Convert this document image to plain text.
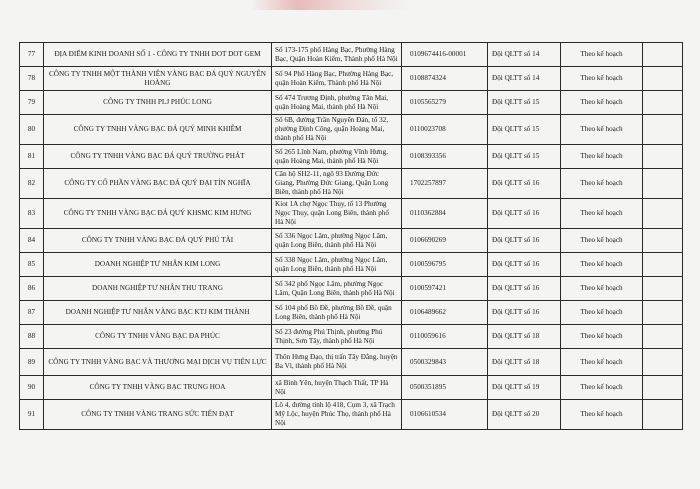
77	ĐỊA ĐIỂM KINH DOANH SỐ 1 - CÔNG TY TNHH DOT DOT GEM	Số 173-175 phố Hàng Bạc, Phường Hàng Bạc, Quận Hoàn Kiếm, Thành phố Hà Nội	0109674416-00001	Đội QLTT số 14	Theo kế hoạch	
78	CÔNG TY TNHH MỘT THÀNH VIÊN VÀNG BẠC ĐÁ QUÝ NGUYÊN HOÀNG	Số 94 Phố Hàng Bạc, Phường Hàng Bạc, quận Hoàn Kiếm, Thành phố Hà Nội	0108874324	Đội QLTT số 14	Theo kế hoạch	
79	CÔNG TY TNHH PLJ PHÚC LONG	Số 474 Trương Định, phường Tân Mai, quận Hoàng Mai, thành phố Hà Nội	0105565279	Đội QLTT số 15	Theo kế hoạch	
80	CÔNG TY TNHH VÀNG BẠC ĐÁ QUÝ MINH KHIÊM	Số 6B, đường Trần Nguyên Đán, tổ 32, phường Định Công, quận Hoàng Mai, thành phố Hà Nội	0110023708	Đội QLTT số 15	Theo kế hoạch	
81	CÔNG TY TNHH VÀNG BẠC ĐÁ QUÝ TRƯỜNG PHÁT	Số 265 Lĩnh Nam, phường Vĩnh Hưng, quận Hoàng Mai, thành phố Hà Nội	0108393356	Đội QLTT số 15	Theo kế hoạch	
82	CÔNG TY CỔ PHẦN VÀNG BẠC ĐÁ QUÝ ĐẠI TÍN NGHĨA	Căn hộ SH2-11, ngõ 93 Đường Đức Giang, Phường Đức Giang, Quận Long Biên, thành phố Hà Nội	1702257897	Đội QLTT số 16	Theo kế hoạch	
83	CÔNG TY TNHH VÀNG BẠC ĐÁ QUÝ KHSMC KIM HƯNG	Kiot 1A chợ Ngọc Thụy, tổ 13 Phường Ngọc Thụy, quận Long Biên, thành phố Hà Nội	0110362884	Đội QLTT số 16	Theo kế hoạch	
84	CÔNG TY TNHH VÀNG BẠC ĐÁ QUÝ PHÚ TÀI	Số 336 Ngọc Lâm, phường Ngọc Lâm, quận Long Biên, thành phố Hà Nội	0106690269	Đội QLTT số 16	Theo kế hoạch	
85	DOANH NGHIỆP TƯ NHÂN KIM LONG	Số 338 Ngọc Lâm, phường Ngọc Lâm, quận Long Biên, thành phố Hà Nội	0100596795	Đội QLTT số 16	Theo kế hoạch	
86	DOANH NGHIỆP TƯ NHÂN THU TRANG	Số 342 phố Ngọc Lâm, phường Ngọc Lâm, Quận Long Biên, thành phố Hà Nội	0100597421	Đội QLTT số 16	Theo kế hoạch	
87	DOANH NGHIỆP TƯ NHÂN VÀNG BẠC KTJ KIM THÀNH	Số 104 phố Bồ Đề, phường Bồ Đề, quận Long Biên, thành phố Hà Nội	0106489662	Đội QLTT số 16	Theo kế hoạch	
88	CÔNG TY TNHH VÀNG BẠC ĐA PHÚC	Số 23 đường Phú Thịnh, phường Phú Thịnh, Sơn Tây, thành phố Hà Nội	0110059616	Đội QLTT số 18	Theo kế hoạch	
89	CÔNG TY TNHH VÀNG BẠC VÀ THƯƠNG MẠI DỊCH VỤ TIẾN LỰC	Thôn Hưng Đạo, thị trấn Tây Đằng, huyện Ba Vì, thành phố Hà Nội	0500329843	Đội QLTT số 18	Theo kế hoạch	
90	CÔNG TY TNHH VÀNG BẠC TRUNG HOA	xã Bình Yên, huyện Thạch Thất, TP Hà Nội	0500351895	Đội QLTT số 19	Theo kế hoạch	
91	CÔNG TY TNHH VÀNG TRANG SỨC TIẾN ĐẠT	Lô 4, đường tỉnh lộ 418, Cụm 3, xã Trạch Mỹ Lộc, huyện Phúc Thọ, thành phố Hà Nội	0106610534	Đội QLTT số 20	Theo kế hoạch	
